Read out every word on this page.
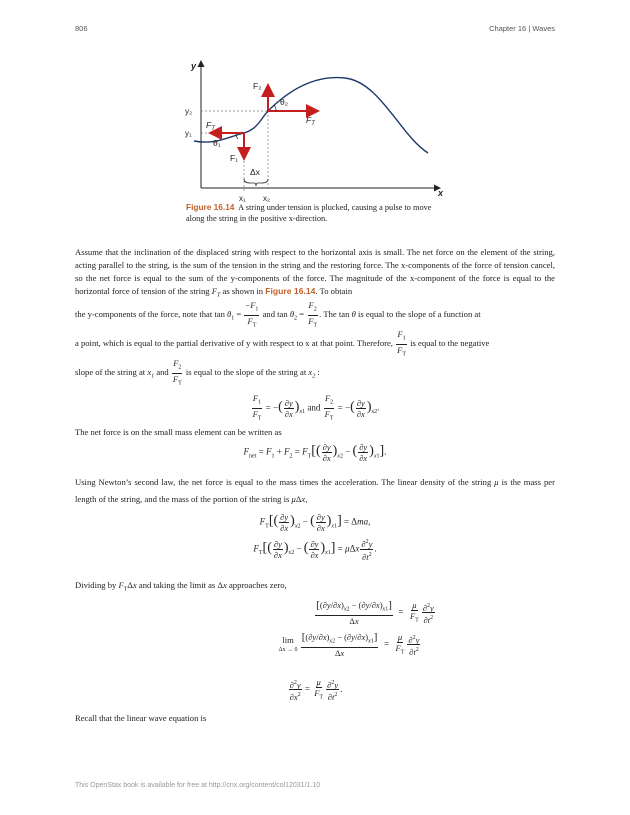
806	Chapter 16 | Waves
y
x
y₂
y₁
x₁ x₂
F₂
θ₂
$F_T$
$F_T$
θ₁
F₁
Δx
Figure 16.14 A string under tension is plucked, causing a pulse to move along the string in the positive x-direction.
Assume that the inclination of the displaced string with respect to the horizontal axis is small. The net force on the element of the string, acting parallel to the string, is the sum of the tension in the string and the restoring force. The x-components of the force of tension cancel, so the net force is equal to the sum of the y-components of the force. The magnitude of the x-component of the force is equal to the horizontal force of tension of the string $F_T$ as shown in Figure 16.14. To obtain
the y-components of the force, note that $\tan \theta_1 = \frac{-F_1}{F_T}$ and $\tan \theta_2 = \frac{F_2}{F_T}$ . The tan θ is equal to the slope of a function at
a point, which is equal to the partial derivative of y with respect to x at that point. Therefore, $\frac{F_1}{F_T}$ is equal to the negative
slope of the string at $x_1$ and $\frac{F_2}{F_T}$ is equal to the slope of the string at $x_2$ :
$\frac{F_1}{F_T}$ = −( $\frac{\partial y}{\partial x} )_{x1}$ and $\frac{F_2}{F_T}$ = −( $\frac{\partial y}{\partial x} )_{x2}$.
The net force is on the small mass element can be written as
$F_{net} = F_1 + F_2 = F_T[( \frac{\partial y}{\partial x} )_{x2}$ − ( $\frac{\partial y}{\partial x} )_{x1}$].
Using Newton’s second law, the net force is equal to the mass times the acceleration. The linear density of the string μ is the mass per length of the string, and the mass of the portion of the string is μΔx,
$F_T[( \frac{\partial y}{\partial x} )_{x2}$ − ( $\frac{\partial y}{\partial x} )_{x1}] = \Delta ma$,
$F_T[( \frac{\partial y}{\partial x} )_{x2}$ − ( $\frac{\partial y}{\partial x} )_{x1}] = \mu\Delta x \frac{\partial^2y}{\partial t^2}$ .
Dividing by $F_T\Delta x$ and taking the limit as Δx approaches zero,
$\frac{[(\partial y/\partial x)_{x2} - (\partial y/\partial x)_{x1}]}{\Delta x} = \frac{\mu}{F_T} \frac{\partial^2y}{\partial t^2}$
lim
Δx → 0
$\frac{[(\partial y/\partial x)_{x2} - (\partial y/\partial x)_{x1}]}{\Delta x} = \frac{\mu}{F_T} \frac{\partial^2y}{\partial t^2}$
$\frac{\partial^2y}{\partial x^2} = \frac{\mu}{F_T} \frac{\partial^2y}{\partial t^2}$ .
Recall that the linear wave equation is
This OpenStax book is available for free at http://cnx.org/content/col12031/1.10
